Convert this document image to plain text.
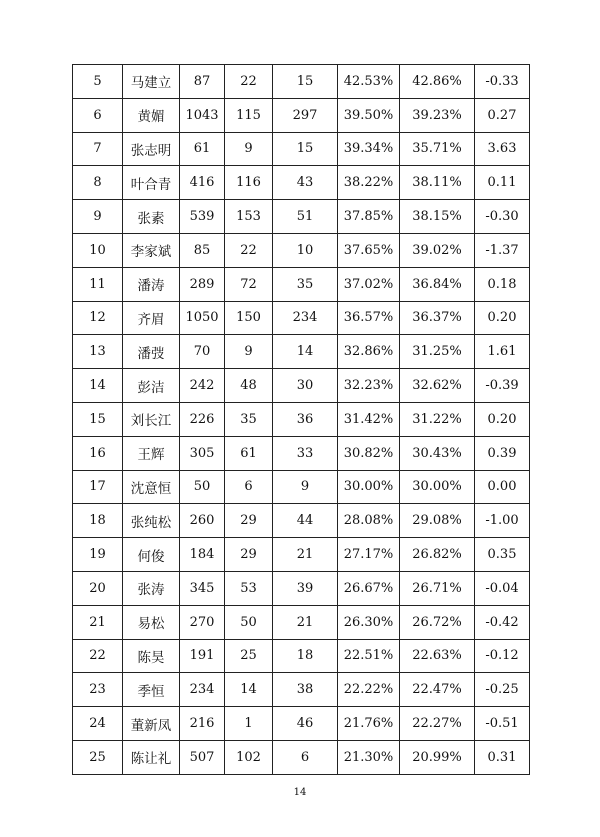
5	马建立	87	22	15	42.53%	42.86%	-0.33
6	黄媚	1043	115	297	39.50%	39.23%	0.27
7	张志明	61	9	15	39.34%	35.71%	3.63
8	叶合青	416	116	43	38.22%	38.11%	0.11
9	张素	539	153	51	37.85%	38.15%	-0.30
10	李家斌	85	22	10	37.65%	39.02%	-1.37
11	潘涛	289	72	35	37.02%	36.84%	0.18
12	齐眉	1050	150	234	36.57%	36.37%	0.20
13	潘弢	70	9	14	32.86%	31.25%	1.61
14	彭洁	242	48	30	32.23%	32.62%	-0.39
15	刘长江	226	35	36	31.42%	31.22%	0.20
16	王辉	305	61	33	30.82%	30.43%	0.39
17	沈意恒	50	6	9	30.00%	30.00%	0.00
18	张纯松	260	29	44	28.08%	29.08%	-1.00
19	何俊	184	29	21	27.17%	26.82%	0.35
20	张涛	345	53	39	26.67%	26.71%	-0.04
21	易松	270	50	21	26.30%	26.72%	-0.42
22	陈昊	191	25	18	22.51%	22.63%	-0.12
23	季恒	234	14	38	22.22%	22.47%	-0.25
24	董新凤	216	1	46	21.76%	22.27%	-0.51
25	陈让礼	507	102	6	21.30%	20.99%	0.31
14
